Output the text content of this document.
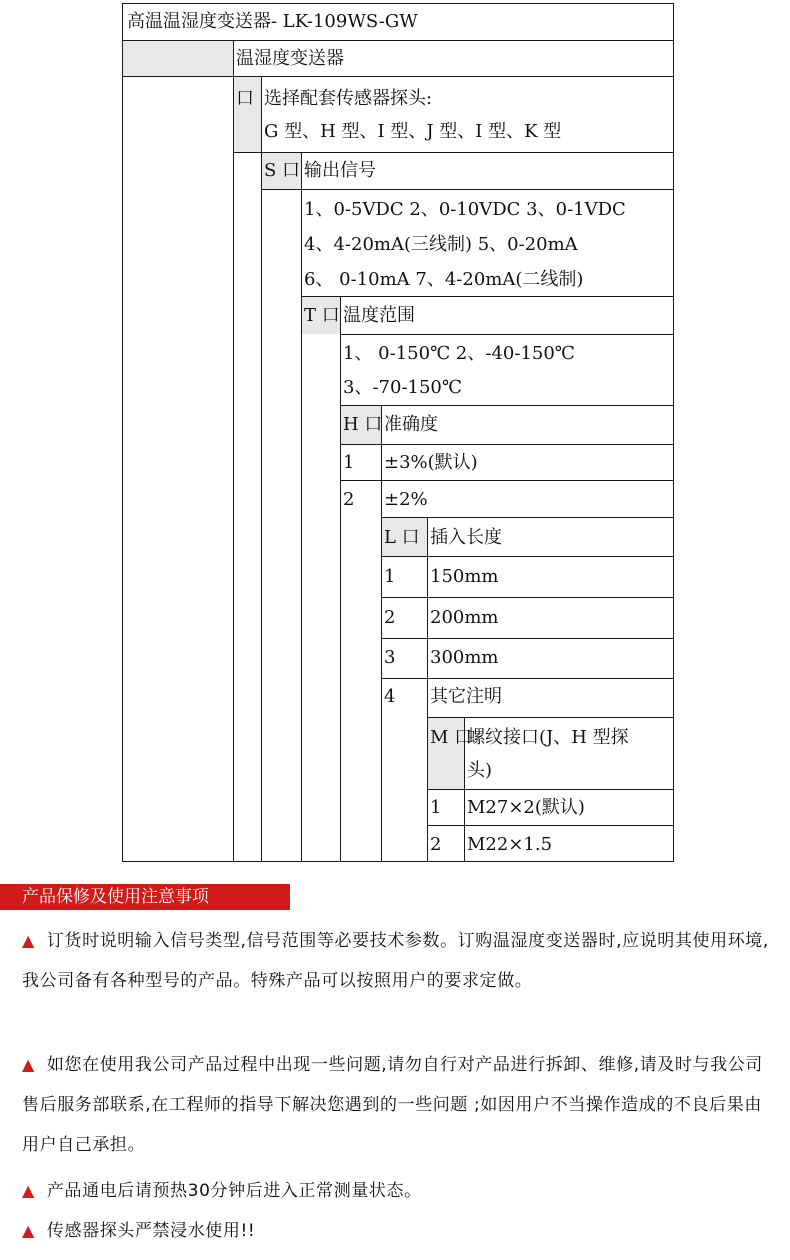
高温温湿度变送器- LK-109WS-GW
温湿度变送器
口 选择配套传感器探头:
G 型、H 型、I 型、J 型、I 型、K 型
S 口 输出信号
1、0-5VDC 2、0-10VDC 3、0-1VDC
4、4-20mA(三线制) 5、0-20mA
6、 0-10mA 7、4-20mA(二线制)
T 口 温度范围
1、 0-150℃ 2、-40-150℃
3、-70-150℃
H 口 准确度
1 ±3%(默认)
2 ±2%
L 口 插入长度
1 150mm
2 200mm
3 300mm
4 其它注明
M 口
螺纹接口(J、H 型探
头)
1 M27×2(默认)
2 M22×1.5
产品保修及使用注意事项
▲ 订货时说明输入信号类型,信号范围等必要技术参数。订购温湿度变送器时,应说明其使用环境,我公司备有各种型号的产品。特殊产品可以按照用户的要求定做。
▲ 如您在使用我公司产品过程中出现一些问题,请勿自行对产品进行拆卸、维修,请及时与我公司售后服务部联系,在工程师的指导下解决您遇到的一些问题 ;如因用户不当操作造成的不良后果由用户自己承担。
▲ 产品通电后请预热30分钟后进入正常测量状态。
▲ 传感器探头严禁浸水使用!!
